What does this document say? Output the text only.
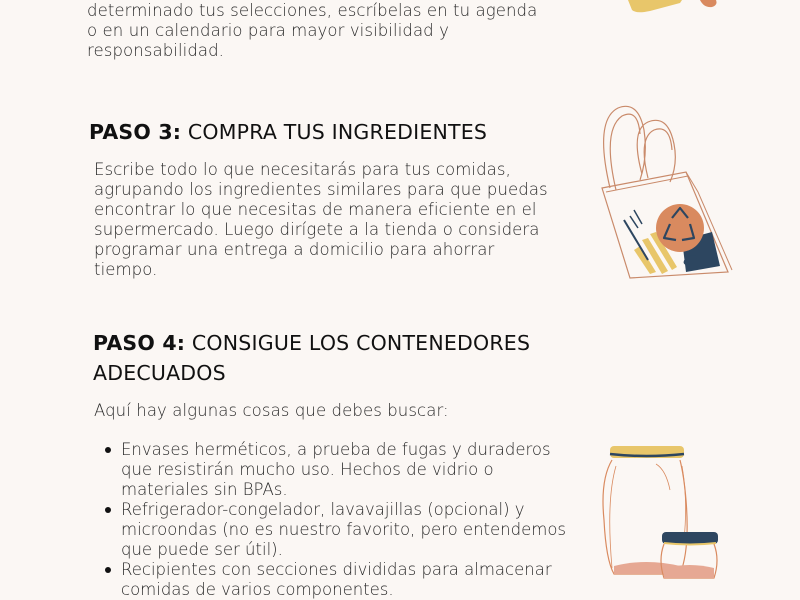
determinado tus selecciones, escríbelas en tu agenda o en un calendario para mayor visibilidad y responsabilidad.

PASO 3: COMPRA TUS INGREDIENTES

Escribe todo lo que necesitarás para tus comidas, agrupando los ingredientes similares para que puedas encontrar lo que necesitas de manera eficiente en el supermercado. Luego dirígete a la tienda o considera programar una entrega a domicilio para ahorrar tiempo.

PASO 4: CONSIGUE LOS CONTENEDORES ADECUADOS

Aquí hay algunas cosas que debes buscar:

Envases herméticos, a prueba de fugas y duraderos que resistirán mucho uso. Hechos de vidrio o materiales sin BPAs.
Refrigerador-congelador, lavavajillas (opcional) y microondas (no es nuestro favorito, pero entendemos que puede ser útil).
Recipientes con secciones divididas para almacenar comidas de varios componentes.
